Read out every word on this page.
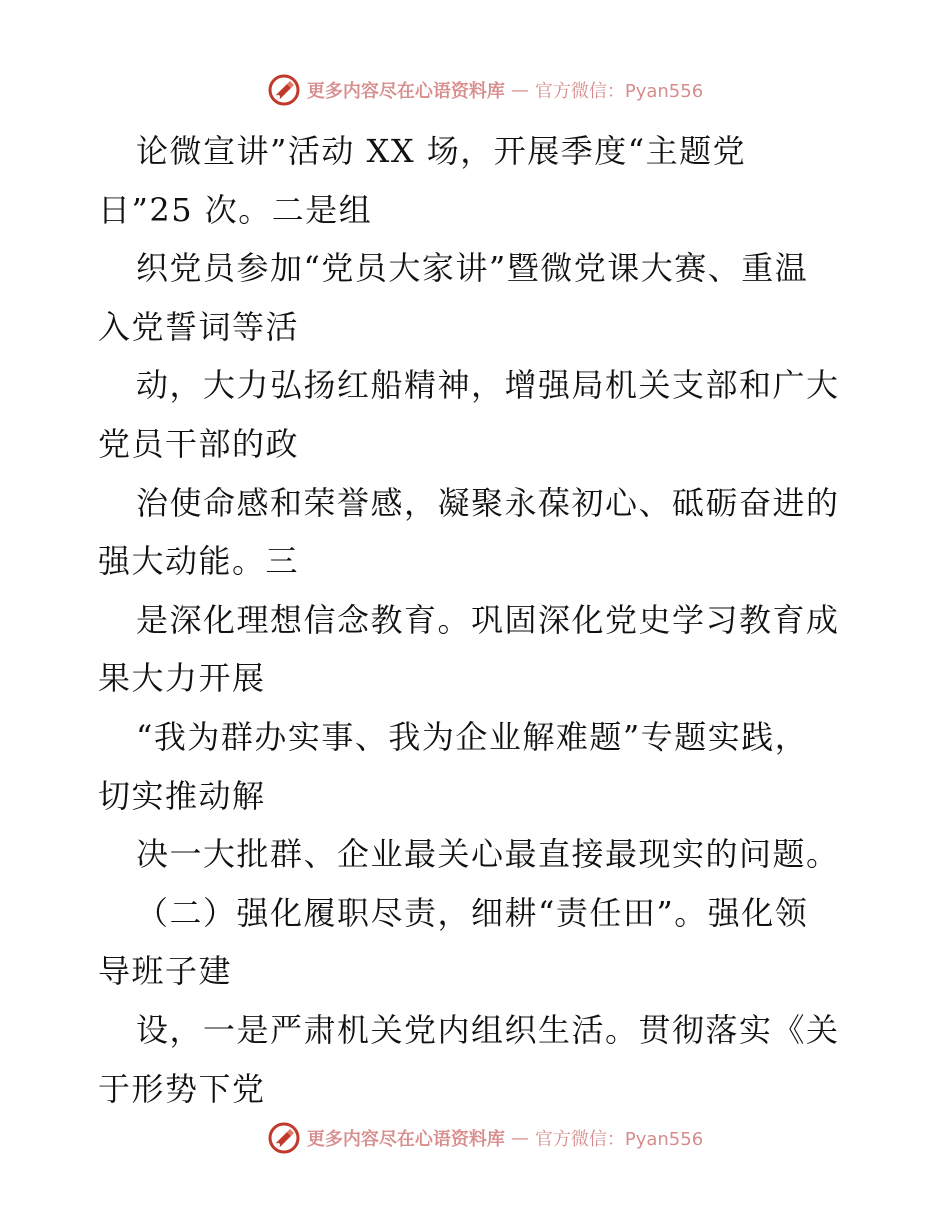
更多内容尽在心语资料库 — 官方微信：Pyan556
论微宣讲”活动 XX 场，开展季度“主题党
日”25 次。二是组
织党员参加“党员大家讲”暨微党课大赛、重温
入党誓词等活
动，大力弘扬红船精神，增强局机关支部和广大
党员干部的政
治使命感和荣誉感，凝聚永葆初心、砥砺奋进的
强大动能。三
是深化理想信念教育。巩固深化党史学习教育成
果大力开展
“我为群办实事、我为企业解难题”专题实践，
切实推动解
决一大批群、企业最关心最直接最现实的问题。
（二）强化履职尽责，细耕“责任田”。强化领
导班子建
设，一是严肃机关党内组织生活。贯彻落实《关
于形势下党
更多内容尽在心语资料库 — 官方微信：Pyan556
